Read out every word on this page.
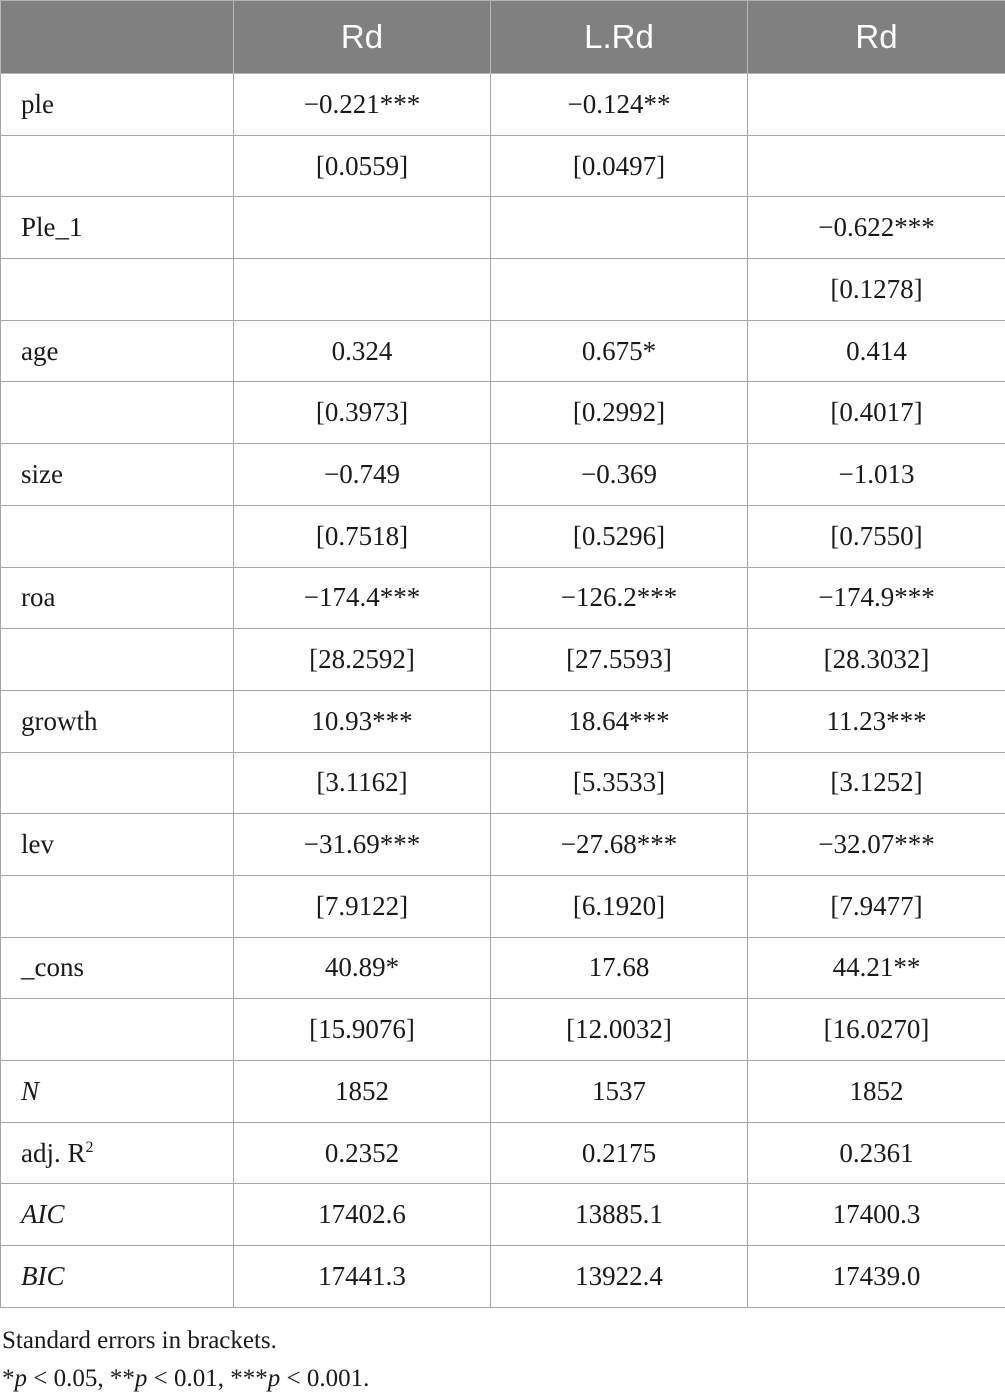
	Rd	L.Rd	Rd
ple	−0.221***	−0.124**	
	[0.0559]	[0.0497]	
Ple_1			−0.622***
			[0.1278]
age	0.324	0.675*	0.414
	[0.3973]	[0.2992]	[0.4017]
size	−0.749	−0.369	−1.013
	[0.7518]	[0.5296]	[0.7550]
roa	−174.4***	−126.2***	−174.9***
	[28.2592]	[27.5593]	[28.3032]
growth	10.93***	18.64***	11.23***
	[3.1162]	[5.3533]	[3.1252]
lev	−31.69***	−27.68***	−32.07***
	[7.9122]	[6.1920]	[7.9477]
_cons	40.89*	17.68	44.21**
	[15.9076]	[12.0032]	[16.0270]
N	1852	1537	1852
adj. $R^2$	0.2352	0.2175	0.2361
AIC	17402.6	13885.1	17400.3
BIC	17441.3	13922.4	17439.0
Standard errors in brackets.
*p < 0.05, **p < 0.01, ***p < 0.001.
